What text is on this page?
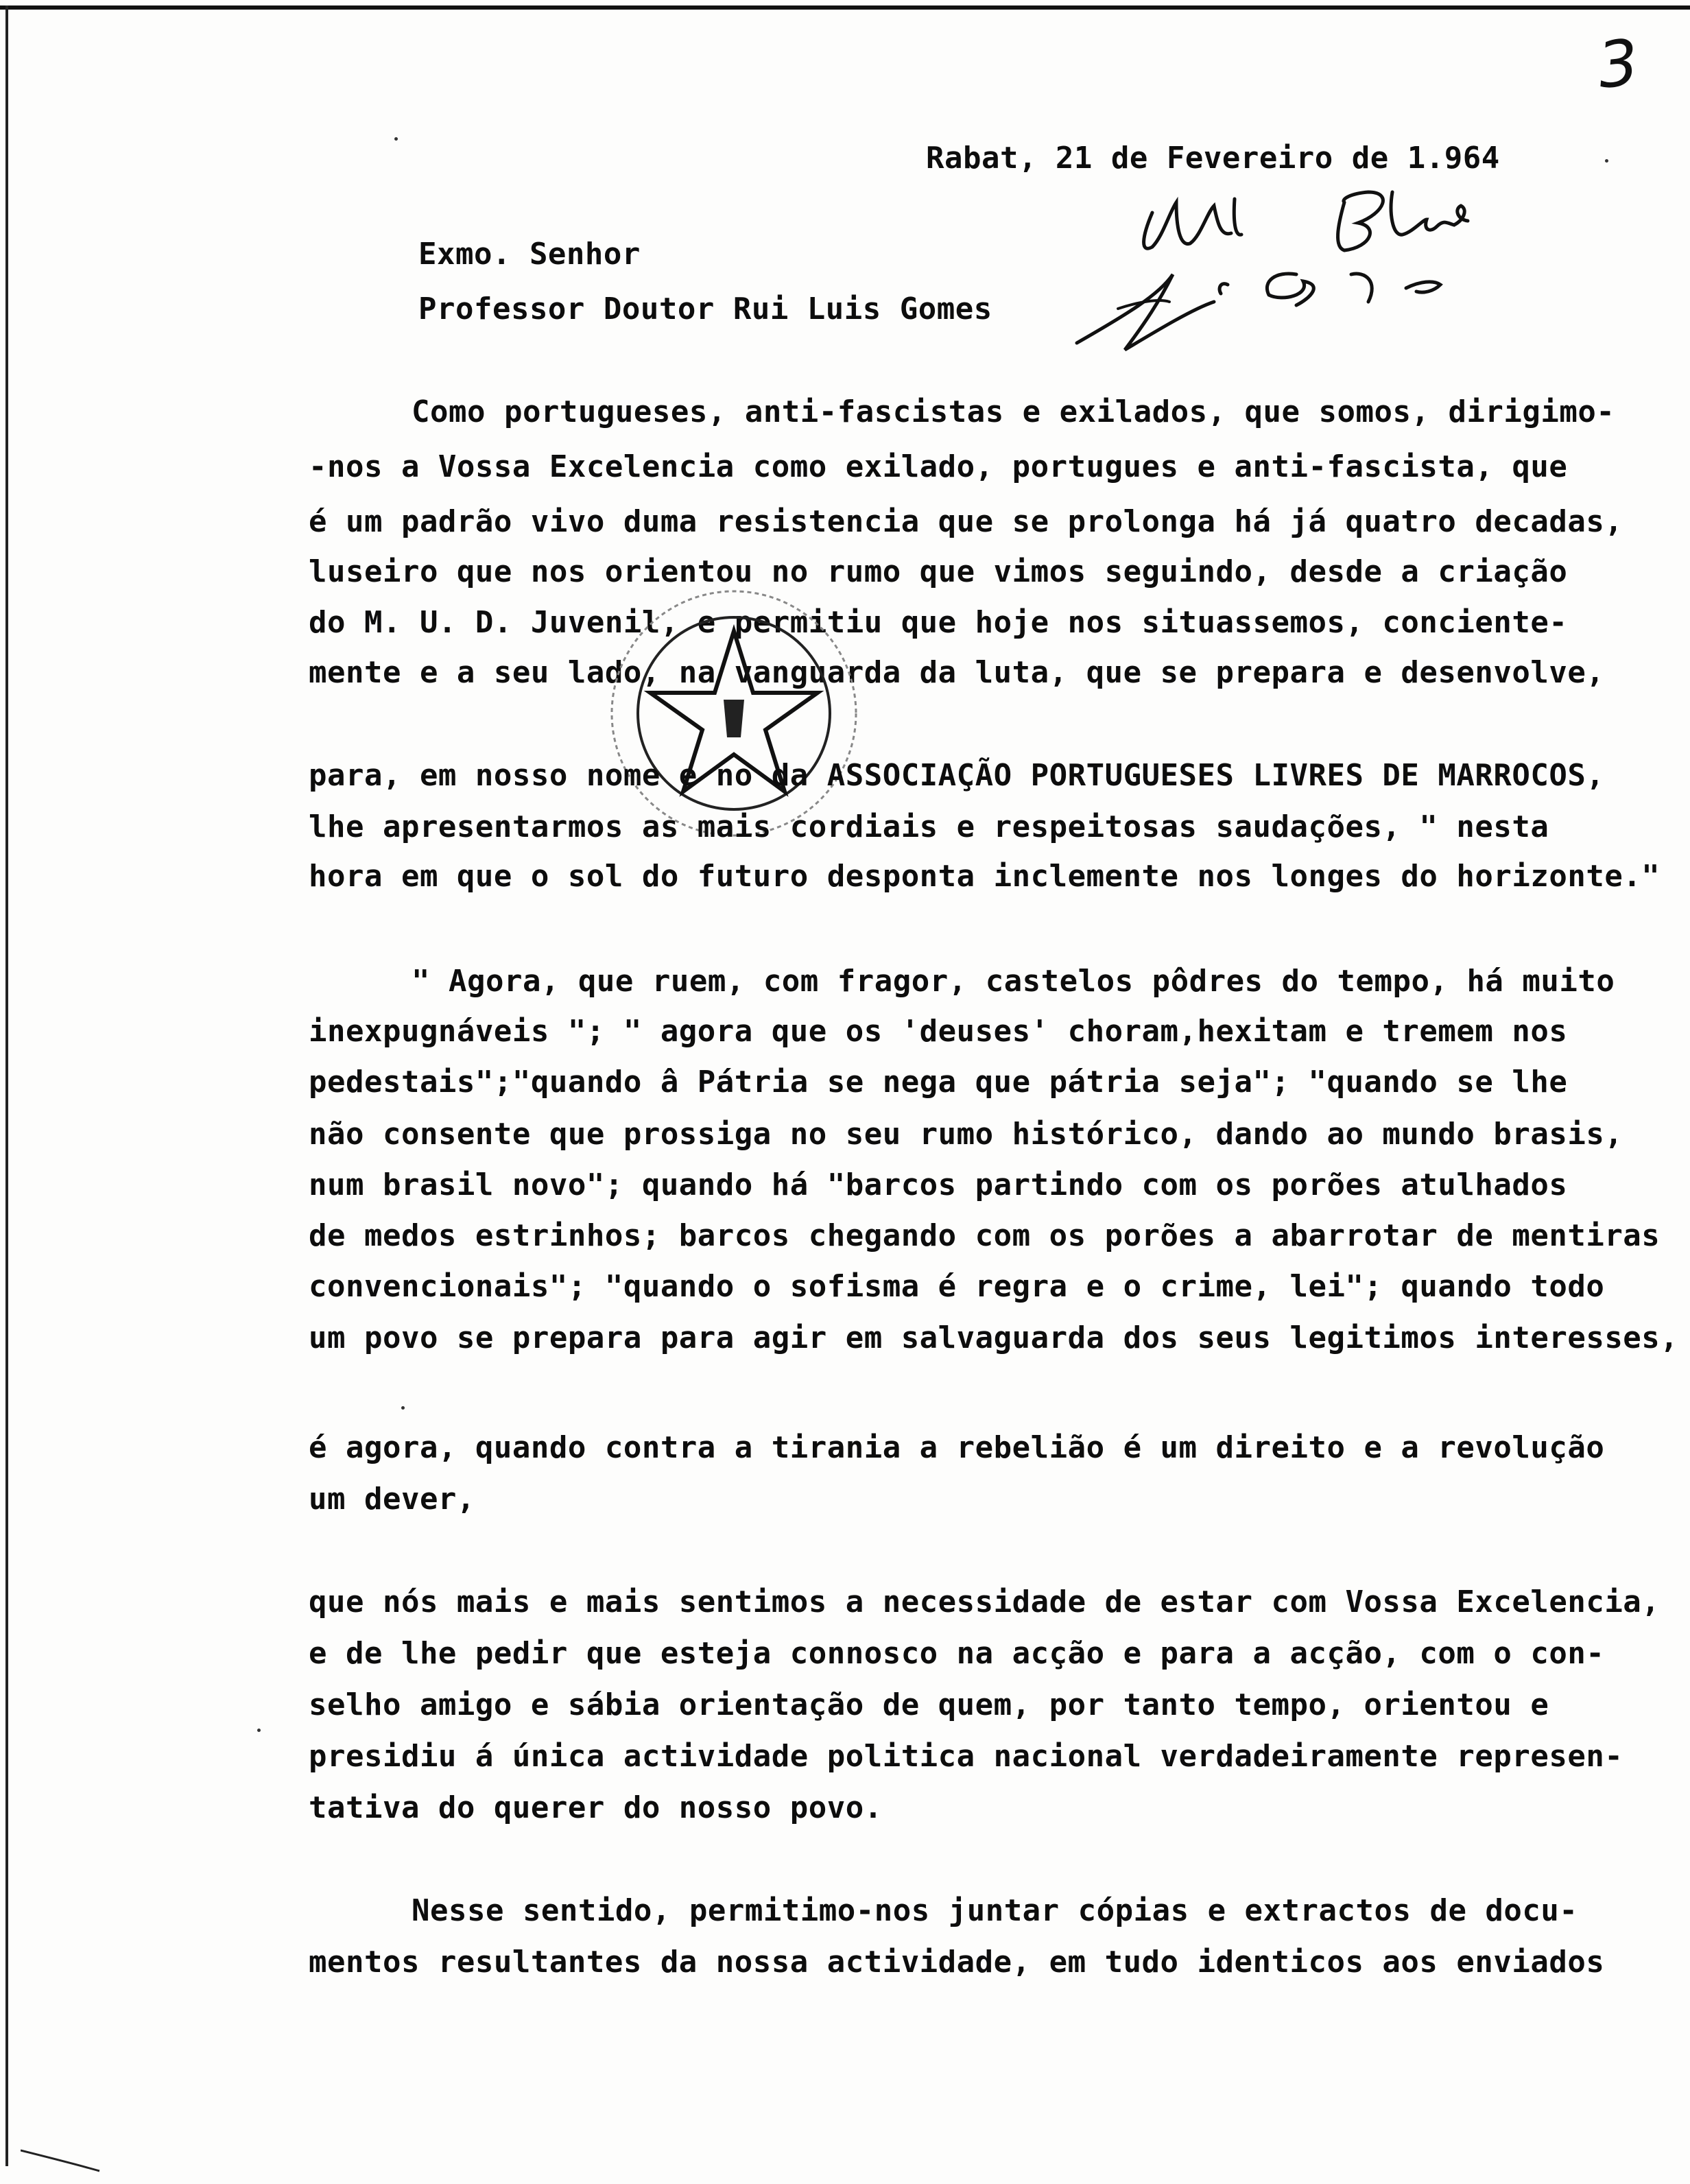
3
Rabat, 21 de Fevereiro de 1.964
Exmo. Senhor
Professor Doutor Rui Luis Gomes
Como portugueses, anti-fascistas e exilados, que somos, dirigimo-
-nos a Vossa Excelencia como exilado, portugues e anti-fascista, que
é um padrão vivo duma resistencia que se prolonga há já quatro decadas,
luseiro que nos orientou no rumo que vimos seguindo, desde a criação
do M. U. D. Juvenil, e permitiu que hoje nos situassemos, conciente-
mente e a seu lado, na vanguarda da luta, que se prepara e desenvolve,
para, em nosso nome e no da ASSOCIAÇÃO PORTUGUESES LIVRES DE MARROCOS,
lhe apresentarmos as mais cordiais e respeitosas saudações, " nesta
hora em que o sol do futuro desponta inclemente nos longes do horizonte."
" Agora, que ruem, com fragor, castelos pôdres do tempo, há muito
inexpugnáveis "; " agora que os 'deuses' choram,hexitam e tremem nos
pedestais";"quando â Pátria se nega que pátria seja"; "quando se lhe
não consente que prossiga no seu rumo histórico, dando ao mundo brasis,
num brasil novo"; quando há "barcos partindo com os porões atulhados
de medos estrinhos; barcos chegando com os porões a abarrotar de mentiras
convencionais"; "quando o sofisma é regra e o crime, lei"; quando todo
um povo se prepara para agir em salvaguarda dos seus legitimos interesses,
é agora, quando contra a tirania a rebelião é um direito e a revolução
um dever,
que nós mais e mais sentimos a necessidade de estar com Vossa Excelencia,
e de lhe pedir que esteja connosco na acção e para a acção, com o con-
selho amigo e sábia orientação de quem, por tanto tempo, orientou e
presidiu á única actividade politica nacional verdadeiramente represen-
tativa do querer do nosso povo.
Nesse sentido, permitimo-nos juntar cópias e extractos de docu-
mentos resultantes da nossa actividade, em tudo identicos aos enviados
